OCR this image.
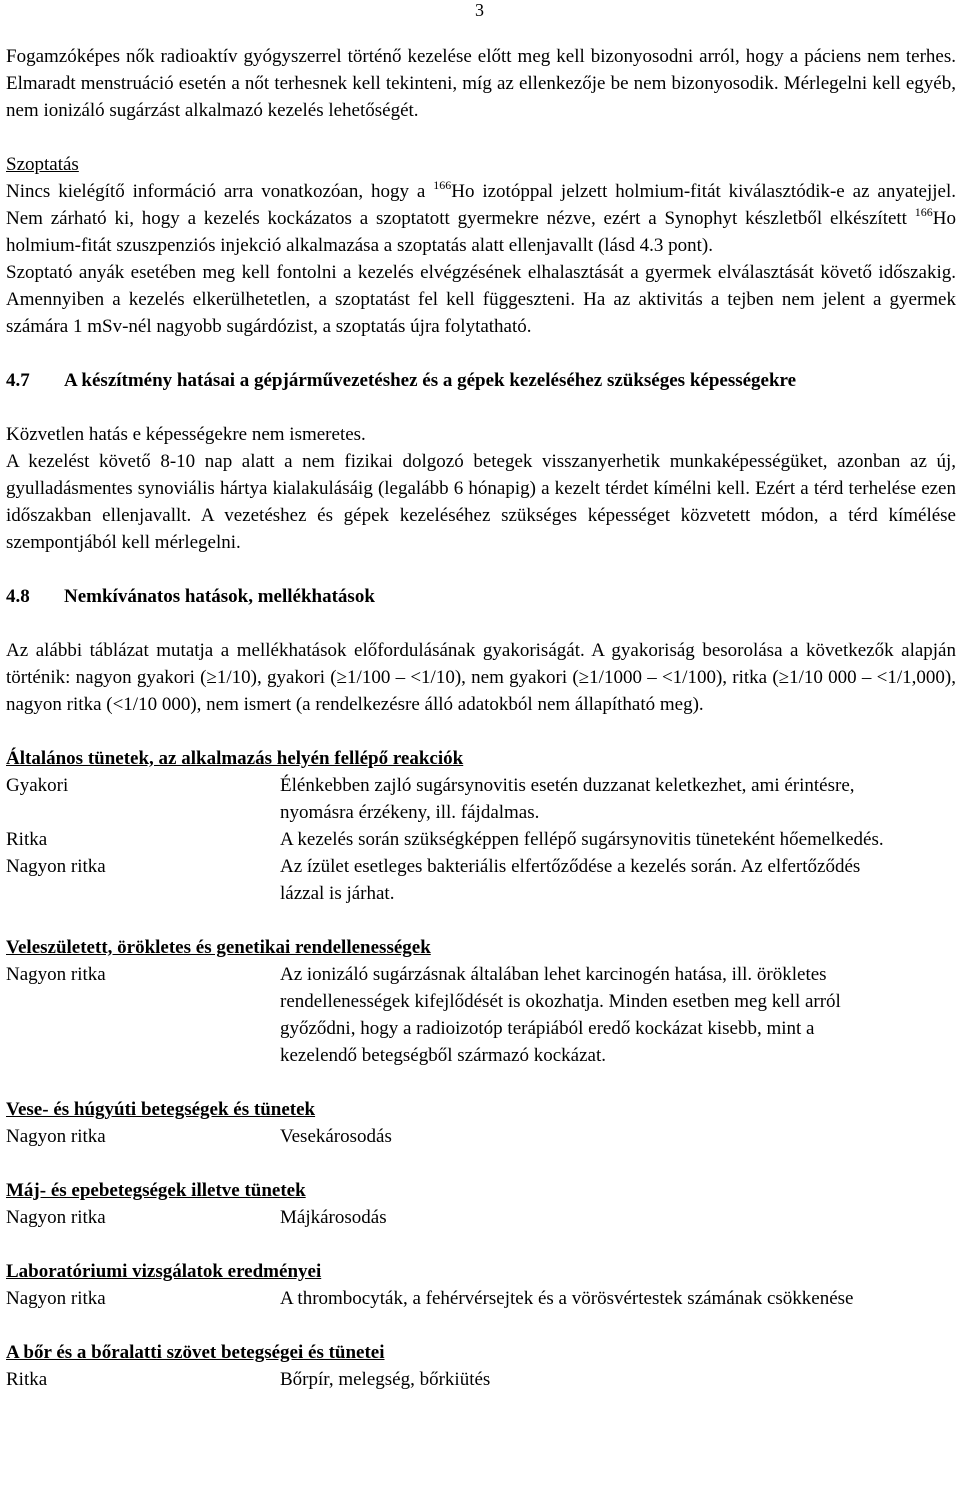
3

Fogamzóképes nők radioaktív gyógyszerrel történő kezelése előtt meg kell bizonyosodni arról, hogy a páciens nem terhes. Elmaradt menstruáció esetén a nőt terhesnek kell tekinteni, míg az ellenkezője be nem bizonyosodik. Mérlegelni kell egyéb, nem ionizáló sugárzást alkalmazó kezelés lehetőségét.

Szoptatás

Nincs kielégítő információ arra vonatkozóan, hogy a $^{166}$Ho izotóppal jelzett holmium-fitát kiválasztódik-e az anyatejjel. Nem zárható ki, hogy a kezelés kockázatos a szoptatott gyermekre nézve, ezért a Synophyt készletből elkészített $^{166}$Ho holmium-fitát szuszpenziós injekció alkalmazása a szoptatás alatt ellenjavallt (lásd 4.3 pont).

Szoptató anyák esetében meg kell fontolni a kezelés elvégzésének elhalasztását a gyermek elválasztását követő időszakig. Amennyiben a kezelés elkerülhetetlen, a szoptatást fel kell függeszteni. Ha az aktivitás a tejben nem jelent a gyermek számára 1 mSv-nél nagyobb sugárdózist, a szoptatás újra folytatható.

4.7	A készítmény hatásai a gépjárművezetéshez és a gépek kezeléséhez szükséges képességekre

Közvetlen hatás e képességekre nem ismeretes.

A kezelést követő 8-10 nap alatt a nem fizikai dolgozó betegek visszanyerhetik munkaképességüket, azonban az új, gyulladásmentes synoviális hártya kialakulásáig (legalább 6 hónapig) a kezelt térdet kímélni kell. Ezért a térd terhelése ezen időszakban ellenjavallt. A vezetéshez és gépek kezeléséhez szükséges képességet közvetett módon, a térd kímélése szempontjából kell mérlegelni.

4.8	Nemkívánatos hatások, mellékhatások

Az alábbi táblázat mutatja a mellékhatások előfordulásának gyakoriságát. A gyakoriság besorolása a következők alapján történik: nagyon gyakori (≥1/10), gyakori (≥1/100 – <1/10), nem gyakori (≥1/1000 – <1/100), ritka (≥1/10 000 – <1/1,000), nagyon ritka (<1/10 000), nem ismert (a rendelkezésre álló adatokból nem állapítható meg).

Általános tünetek, az alkalmazás helyén fellépő reakciók
Gyakori	Élénkebben zajló sugársynovitis esetén duzzanat keletkezhet, ami érintésre, nyomásra érzékeny, ill. fájdalmas.
Ritka	A kezelés során szükségképpen fellépő sugársynovitis tüneteként hőemelkedés.
Nagyon ritka	Az ízület esetleges bakteriális elfertőződése a kezelés során. Az elfertőződés lázzal is járhat.
Veleszületett, örökletes és genetikai rendellenességek
Nagyon ritka	Az ionizáló sugárzásnak általában lehet karcinogén hatása, ill. örökletes rendellenességek kifejlődését is okozhatja. Minden esetben meg kell arról győződni, hogy a radioizotóp terápiából eredő kockázat kisebb, mint a kezelendő betegségből származó kockázat.
Vese- és húgyúti betegségek és tünetek
Nagyon ritka	Vesekárosodás
Máj- és epebetegségek illetve tünetek
Nagyon ritka	Májkárosodás
Laboratóriumi vizsgálatok eredményei
Nagyon ritka	A thrombocyták, a fehérvérsejtek és a vörösvértestek számának csökkenése
A bőr és a bőralatti szövet betegségei és tünetei
Ritka	Bőrpír, melegség, bőrkiütés
